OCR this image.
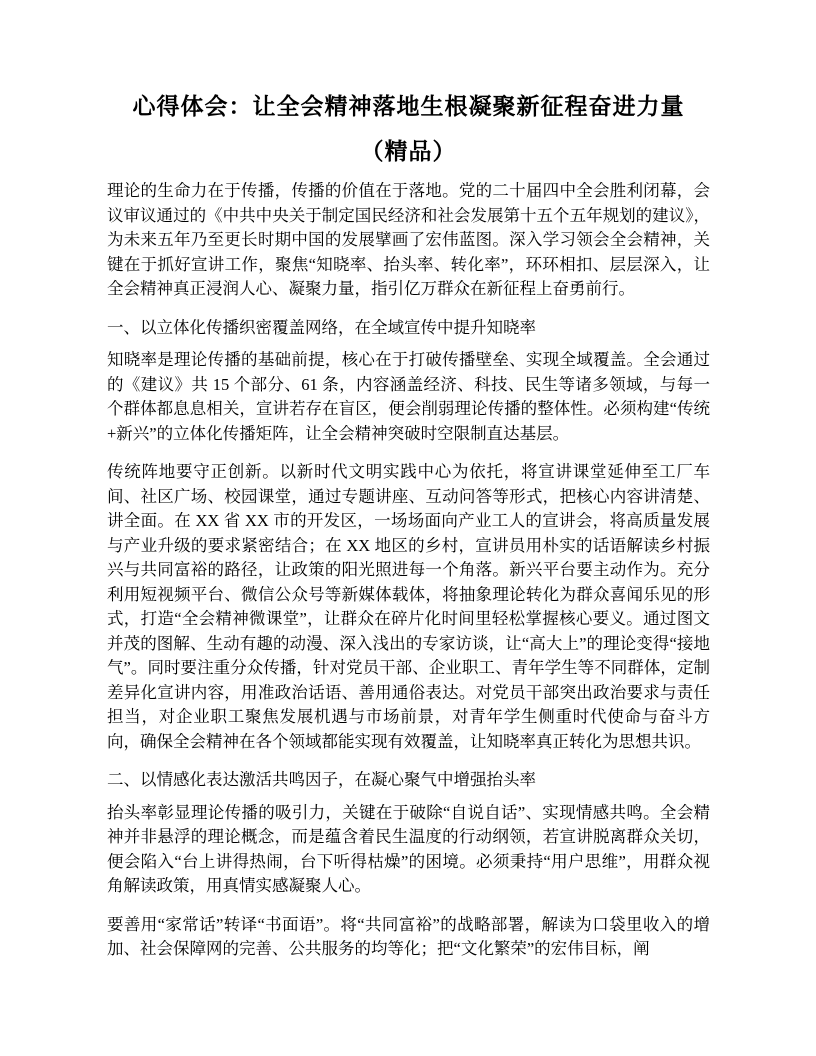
心得体会：让全会精神落地生根凝聚新征程奋进力量
（精品）

理论的生命力在于传播，传播的价值在于落地。党的二十届四中全会胜利闭幕，会议审议通过的《中共中央关于制定国民经济和社会发展第十五个五年规划的建议》，为未来五年乃至更长时期中国的发展擘画了宏伟蓝图。深入学习领会全会精神，关键在于抓好宣讲工作，聚焦“知晓率、抬头率、转化率”，环环相扣、层层深入，让全会精神真正浸润人心、凝聚力量，指引亿万群众在新征程上奋勇前行。

一、以立体化传播织密覆盖网络，在全域宣传中提升知晓率

知晓率是理论传播的基础前提，核心在于打破传播壁垒、实现全域覆盖。全会通过的《建议》共 15 个部分、61 条，内容涵盖经济、科技、民生等诸多领域，与每一个群体都息息相关，宣讲若存在盲区，便会削弱理论传播的整体性。必须构建“传统+新兴”的立体化传播矩阵，让全会精神突破时空限制直达基层。

传统阵地要守正创新。以新时代文明实践中心为依托，将宣讲课堂延伸至工厂车间、社区广场、校园课堂，通过专题讲座、互动问答等形式，把核心内容讲清楚、讲全面。在 XX 省 XX 市的开发区，一场场面向产业工人的宣讲会，将高质量发展与产业升级的要求紧密结合；在 XX 地区的乡村，宣讲员用朴实的话语解读乡村振兴与共同富裕的路径，让政策的阳光照进每一个角落。新兴平台要主动作为。充分利用短视频平台、微信公众号等新媒体载体，将抽象理论转化为群众喜闻乐见的形式，打造“全会精神微课堂”，让群众在碎片化时间里轻松掌握核心要义。通过图文并茂的图解、生动有趣的动漫、深入浅出的专家访谈，让“高大上”的理论变得“接地气”。同时要注重分众传播，针对党员干部、企业职工、青年学生等不同群体，定制差异化宣讲内容，用准政治话语、善用通俗表达。对党员干部突出政治要求与责任担当，对企业职工聚焦发展机遇与市场前景，对青年学生侧重时代使命与奋斗方向，确保全会精神在各个领域都能实现有效覆盖，让知晓率真正转化为思想共识。

二、以情感化表达激活共鸣因子，在凝心聚气中增强抬头率

抬头率彰显理论传播的吸引力，关键在于破除“自说自话”、实现情感共鸣。全会精神并非悬浮的理论概念，而是蕴含着民生温度的行动纲领，若宣讲脱离群众关切，便会陷入“台上讲得热闹，台下听得枯燥”的困境。必须秉持“用户思维”，用群众视角解读政策，用真情实感凝聚人心。

要善用“家常话”转译“书面语”。将“共同富裕”的战略部署，解读为口袋里收入的增加、社会保障网的完善、公共服务的均等化；把“文化繁荣”的宏伟目标，阐
